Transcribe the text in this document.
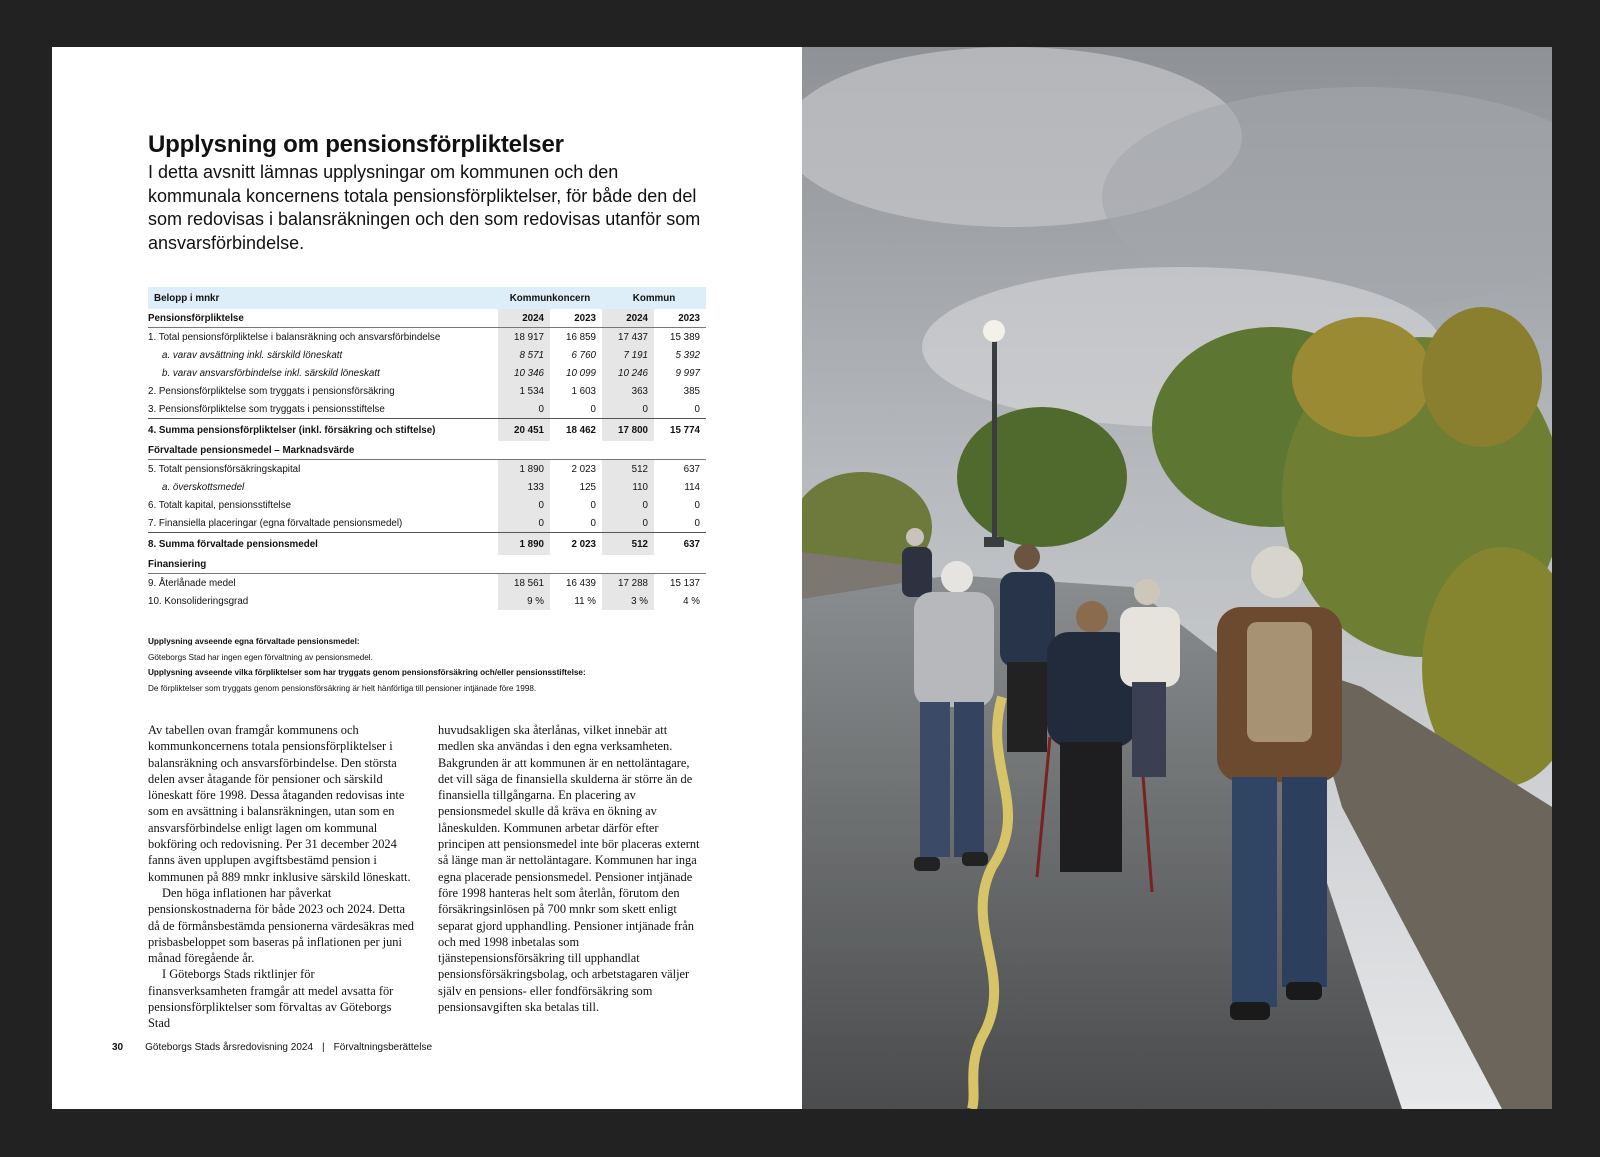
Upplysning om pensionsförpliktelser

I detta avsnitt lämnas upplysningar om kommunen och den kommunala koncernens totala pensionsförpliktelser, för både den del som redovisas i balansräkningen och den som redovisas utanför som ansvarsförbindelse.

Belopp i mnkr	Kommunkoncern		Kommun	
Pensionsförpliktelse	2024	2023	2024	2023
1. Total pensionsförpliktelse i balansräkning och ansvarsförbindelse	18 917	16 859	17 437	15 389
a. varav avsättning inkl. särskild löneskatt	8 571	6 760	7 191	5 392
b. varav ansvarsförbindelse inkl. särskild löneskatt	10 346	10 099	10 246	9 997
2. Pensionsförpliktelse som tryggats i pensionsförsäkring	1 534	1 603	363	385
3. Pensionsförpliktelse som tryggats i pensionsstiftelse	0	0	0	0
4. Summa pensionsförpliktelser (inkl. försäkring och stiftelse)	20 451	18 462	17 800	15 774
Förvaltade pensionsmedel – Marknadsvärde				
5. Totalt pensionsförsäkringskapital	1 890	2 023	512	637
a. överskottsmedel	133	125	110	114
6. Totalt kapital, pensionsstiftelse	0	0	0	0
7. Finansiella placeringar (egna förvaltade pensionsmedel)	0	0	0	0
8. Summa förvaltade pensionsmedel	1 890	2 023	512	637
Finansiering				
9. Återlånade medel	18 561	16 439	17 288	15 137
10. Konsolideringsgrad	9 %	11 %	3 %	4 %
Upplysning avseende egna förvaltade pensionsmedel:
Göteborgs Stad har ingen egen förvaltning av pensionsmedel.
Upplysning avseende vilka förpliktelser som har tryggats genom pensionsförsäkring och/eller pensionsstiftelse:
De förpliktelser som tryggats genom pensionsförsäkring är helt hänförliga till pensioner intjänade före 1998.

Av tabellen ovan framgår kommunens och kommunkoncernens totala pensionsförpliktelser i balansräkning och ansvarsförbindelse. Den största delen avser åtagande för pensioner och särskild löneskatt före 1998. Dessa åtaganden redovisas inte som en avsättning i balansräkningen, utan som en ansvarsförbindelse enligt lagen om kommunal bokföring och redovisning. Per 31 december 2024 fanns även upplupen avgiftsbestämd pension i kommunen på 889 mnkr inklusive särskild löneskatt.

Den höga inflationen har påverkat pensionskostnaderna för både 2023 och 2024. Detta då de förmånsbestämda pensionerna värdesäkras med prisbasbeloppet som baseras på inflationen per juni månad föregående år.

I Göteborgs Stads riktlinjer för finansverksamheten framgår att medel avsatta för pensionsförpliktelser som förvaltas av Göteborgs Stad

huvudsakligen ska återlånas, vilket innebär att medlen ska användas i den egna verksamheten. Bakgrunden är att kommunen är en nettoläntagare, det vill säga de finansiella skulderna är större än de finansiella tillgångarna. En placering av pensionsmedel skulle då kräva en ökning av låneskulden. Kommunen arbetar därför efter principen att pensionsmedel inte bör placeras externt så länge man är nettoläntagare. Kommunen har inga egna placerade pensionsmedel. Pensioner intjänade före 1998 hanteras helt som återlån, förutom den försäkringsinlösen på 700 mnkr som skett enligt separat gjord upphandling. Pensioner intjänade från och med 1998 inbetalas som tjänstepensionsförsäkring till upphandlat pensionsförsäkringsbolag, och arbetstagaren väljer själv en pensions- eller fondförsäkring som pensionsavgiften ska betalas till.

30 Göteborgs Stads årsredovisning 2024 | Förvaltningsberättelse
